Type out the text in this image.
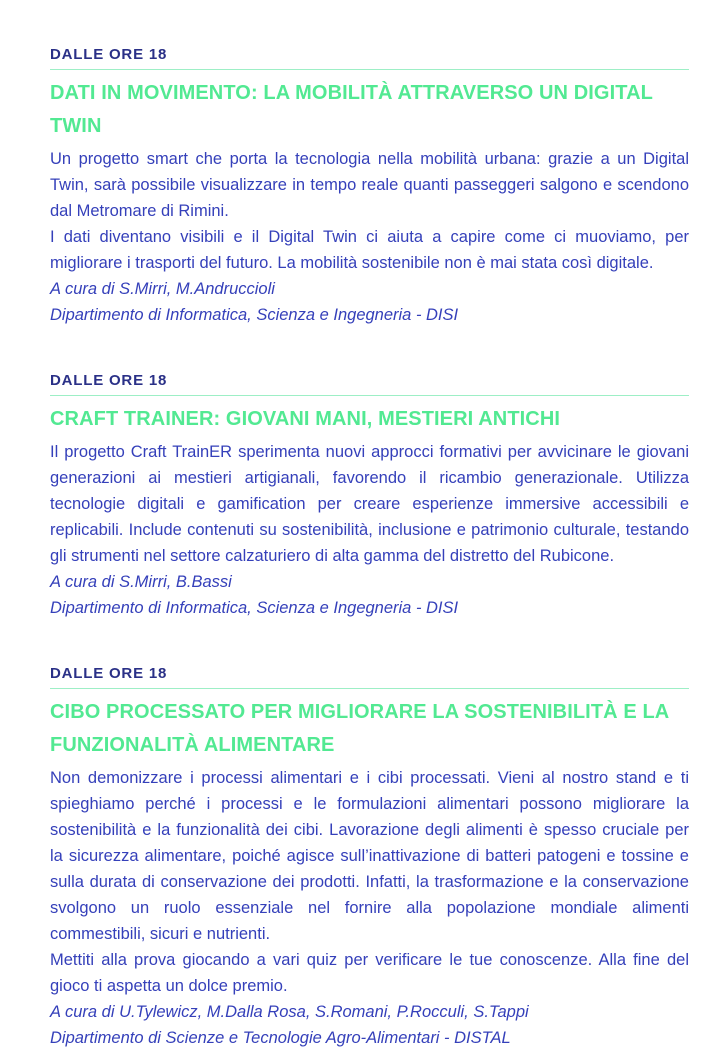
DALLE ORE 18
DATI IN MOVIMENTO: LA MOBILITÀ ATTRAVERSO UN DIGITAL TWIN

Un progetto smart che porta la tecnologia nella mobilità urbana: grazie a un Digital Twin, sarà possibile visualizzare in tempo reale quanti passeggeri salgono e scendono dal Metromare di Rimini.

I dati diventano visibili e il Digital Twin ci aiuta a capire come ci muoviamo, per migliorare i trasporti del futuro. La mobilità sostenibile non è mai stata così digitale.

A cura di S.Mirri, M.Andruccioli

Dipartimento di Informatica, Scienza e Ingegneria - DISI

DALLE ORE 18
CRAFT TRAINER: GIOVANI MANI, MESTIERI ANTICHI

Il progetto Craft TrainER sperimenta nuovi approcci formativi per avvicinare le giovani generazioni ai mestieri artigianali, favorendo il ricambio generazionale. Utilizza tecnologie digitali e gamification per creare esperienze immersive accessibili e replicabili. Include contenuti su sostenibilità, inclusione e patrimonio culturale, testando gli strumenti nel settore calzaturiero di alta gamma del distretto del Rubicone.

A cura di S.Mirri, B.Bassi

Dipartimento di Informatica, Scienza e Ingegneria - DISI

DALLE ORE 18
CIBO PROCESSATO PER MIGLIORARE LA SOSTENIBILITÀ E LA FUNZIONALITÀ ALIMENTARE

Non demonizzare i processi alimentari e i cibi processati. Vieni al nostro stand e ti spieghiamo perché i processi e le formulazioni alimentari possono migliorare la sostenibilità e la funzionalità dei cibi. Lavorazione degli alimenti è spesso cruciale per la sicurezza alimentare, poiché agisce sull’inattivazione di batteri patogeni e tossine e sulla durata di conservazione dei prodotti. Infatti, la trasformazione e la conservazione svolgono un ruolo essenziale nel fornire alla popolazione mondiale alimenti commestibili, sicuri e nutrienti.

Mettiti alla prova giocando a vari quiz per verificare le tue conoscenze. Alla fine del gioco ti aspetta un dolce premio.

A cura di U.Tylewicz, M.Dalla Rosa, S.Romani, P.Rocculi, S.Tappi

Dipartimento di Scienze e Tecnologie Agro-Alimentari - DISTAL
